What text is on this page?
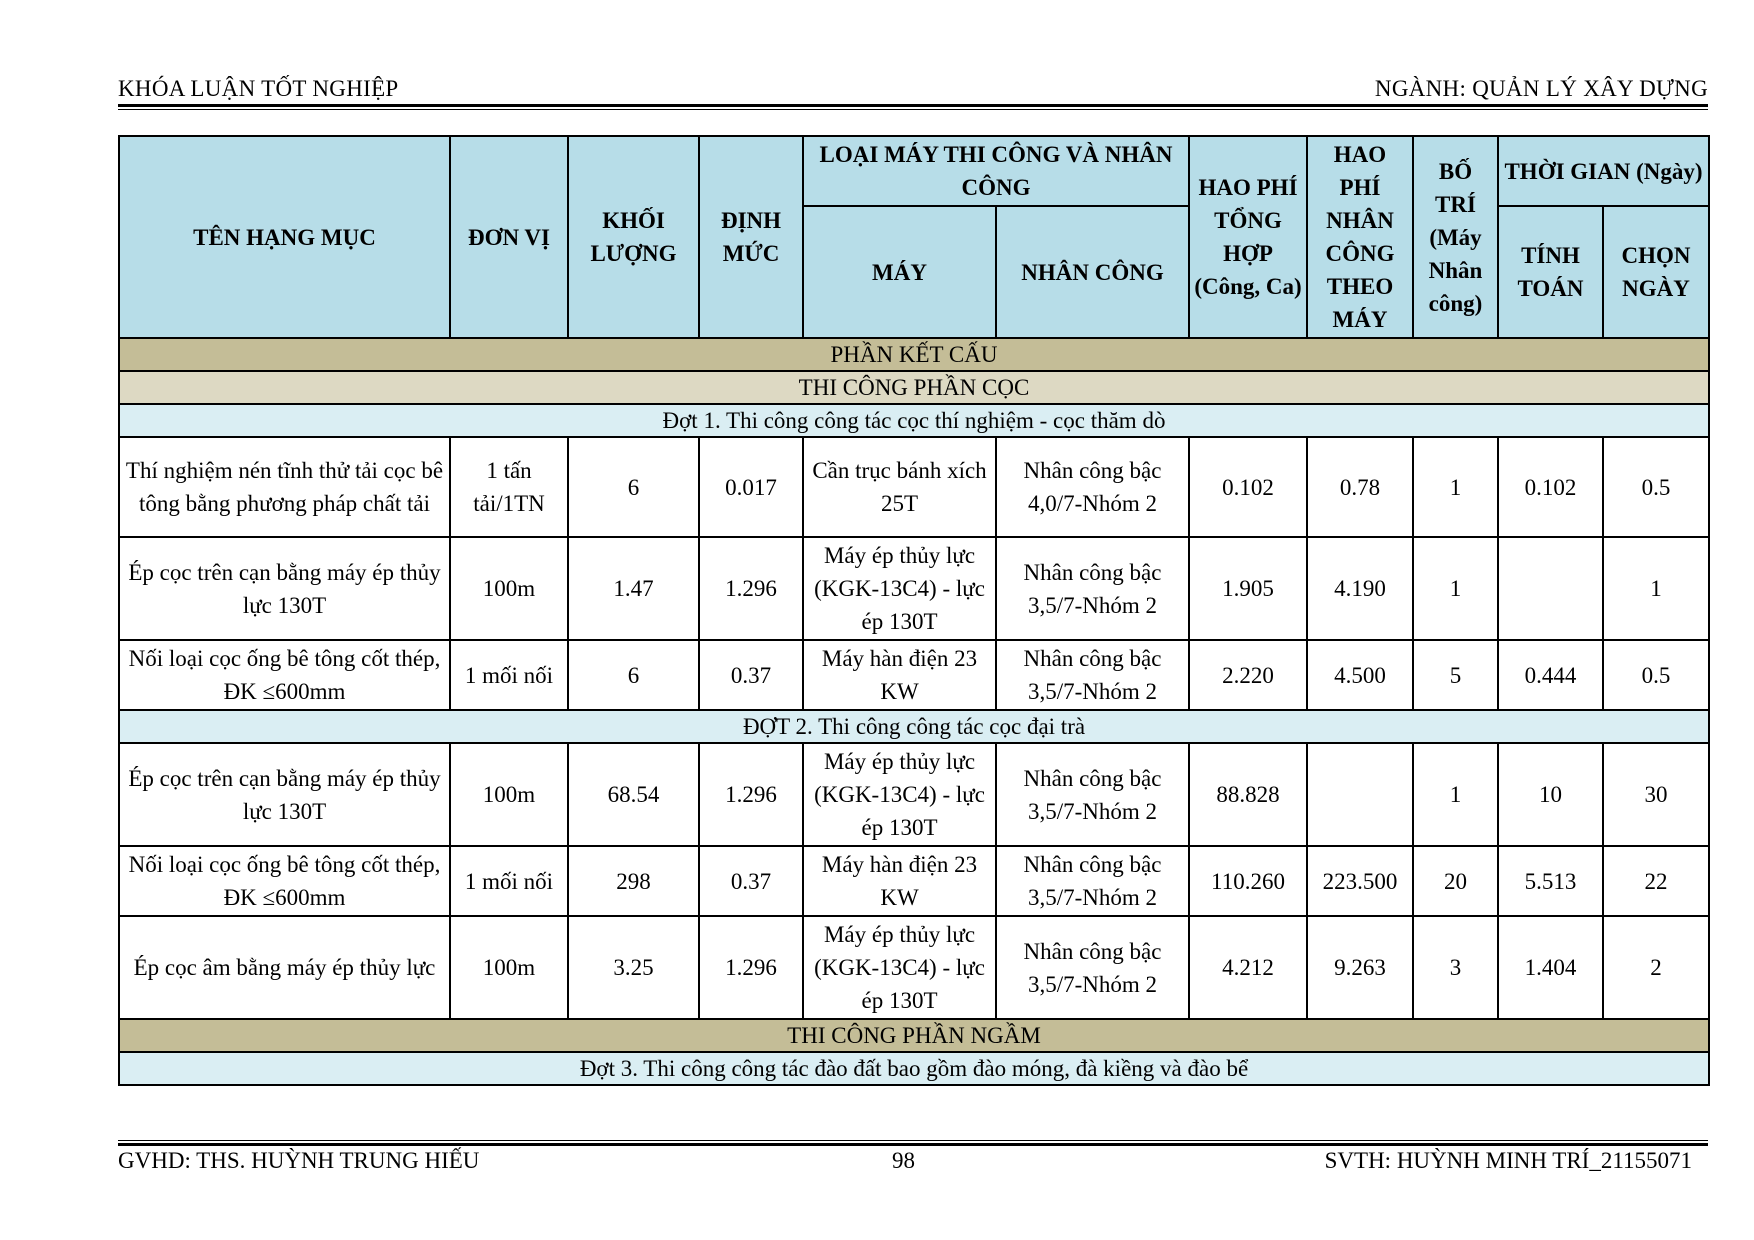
KHÓA LUẬN TỐT NGHIỆP	NGÀNH: QUẢN LÝ XÂY DỰNG
TÊN HẠNG MỤC	ĐƠN VỊ	KHỐI LƯỢNG	ĐỊNH MỨC	LOẠI MÁY THI CÔNG VÀ NHÂN CÔNG		HAO PHÍ TỔNG HỢP (Công, Ca)	HAO PHÍ NHÂN CÔNG THEO MÁY	BỐ TRÍ (Máy Nhân công)	THỜI GIAN (Ngày)	
				MÁY	NHÂN CÔNG				TÍNH TOÁN	CHỌN NGÀY
PHẦN KẾT CẤU										
THI CÔNG PHẦN CỌC										
Đợt 1. Thi công công tác cọc thí nghiệm - cọc thăm dò										
Thí nghiệm nén tĩnh thử tải cọc bê tông bằng phương pháp chất tải	1 tấn tải/1TN	6	0.017	Cần trục bánh xích 25T	Nhân công bậc 4,0/7-Nhóm 2	0.102	0.78	1	0.102	0.5
Ép cọc trên cạn bằng máy ép thủy lực 130T	100m	1.47	1.296	Máy ép thủy lực (KGK-13C4) - lực ép 130T	Nhân công bậc 3,5/7-Nhóm 2	1.905	4.190	1		1
Nối loại cọc ống bê tông cốt thép, ĐK ≤600mm	1 mối nối	6	0.37	Máy hàn điện 23 KW	Nhân công bậc 3,5/7-Nhóm 2	2.220	4.500	5	0.444	0.5
ĐỢT 2. Thi công công tác cọc đại trà										
Ép cọc trên cạn bằng máy ép thủy lực 130T	100m	68.54	1.296	Máy ép thủy lực (KGK-13C4) - lực ép 130T	Nhân công bậc 3,5/7-Nhóm 2	88.828		1	10	30
Nối loại cọc ống bê tông cốt thép, ĐK ≤600mm	1 mối nối	298	0.37	Máy hàn điện 23 KW	Nhân công bậc 3,5/7-Nhóm 2	110.260	223.500	20	5.513	22
Ép cọc âm bằng máy ép thủy lực	100m	3.25	1.296	Máy ép thủy lực (KGK-13C4) - lực ép 130T	Nhân công bậc 3,5/7-Nhóm 2	4.212	9.263	3	1.404	2
THI CÔNG PHẦN NGẦM										
Đợt 3. Thi công công tác đào đất bao gồm đào móng, đà kiềng và đào bể										
GVHD: THS. HUỲNH TRUNG HIẾU	98	SVTH: HUỲNH MINH TRÍ_21155071
